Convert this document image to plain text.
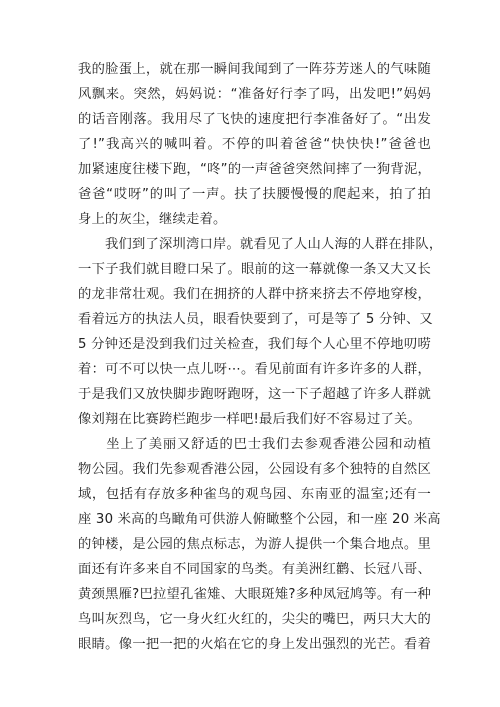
我的脸蛋上，就在那一瞬间我闻到了一阵芬芳迷人的气味随
风飘来。突然，妈妈说：“准备好行李了吗，出发吧!”妈妈
的话音刚落。我用尽了飞快的速度把行李准备好了。“出发
了!”我高兴的喊叫着。不停的叫着爸爸“快快快!”爸爸也
加紧速度往楼下跑，“咚”的一声爸爸突然间摔了一狗背泥，
爸爸“哎呀”的叫了一声。扶了扶腰慢慢的爬起来，拍了拍
身上的灰尘，继续走着。
　　我们到了深圳湾口岸。就看见了人山人海的人群在排队，
一下子我们就目瞪口呆了。眼前的这一幕就像一条又大又长
的龙非常壮观。我们在拥挤的人群中挤来挤去不停地穿梭，
看着远方的执法人员，眼看快要到了，可是等了 5 分钟、又
5 分钟还是没到我们过关检查，我们每个人心里不停地叨唠
着：可不可以快一点儿呀⋯。看见前面有许多许多的人群，
于是我们又放快脚步跑呀跑呀，这一下子超越了许多人群就
像刘翔在比赛跨栏跑步一样吧!最后我们好不容易过了关。
　　坐上了美丽又舒适的巴士我们去参观香港公园和动植
物公园。我们先参观香港公园，公园设有多个独特的自然区
域，包括有存放多种雀鸟的观鸟园、东南亚的温室;还有一
座 30 米高的鸟瞰角可供游人俯瞰整个公园，和一座 20 米高
的钟楼，是公园的焦点标志，为游人提供一个集合地点。里
面还有许多来自不同国家的鸟类。有美洲红鹳、长冠八哥、
黄颈黑雁?巴拉望孔雀雉、大眼斑雉?多种凤冠鸠等。有一种
鸟叫灰烈鸟，它一身火红火红的，尖尖的嘴巴，两只大大的
眼睛。像一把一把的火焰在它的身上发出强烈的光芒。看着
